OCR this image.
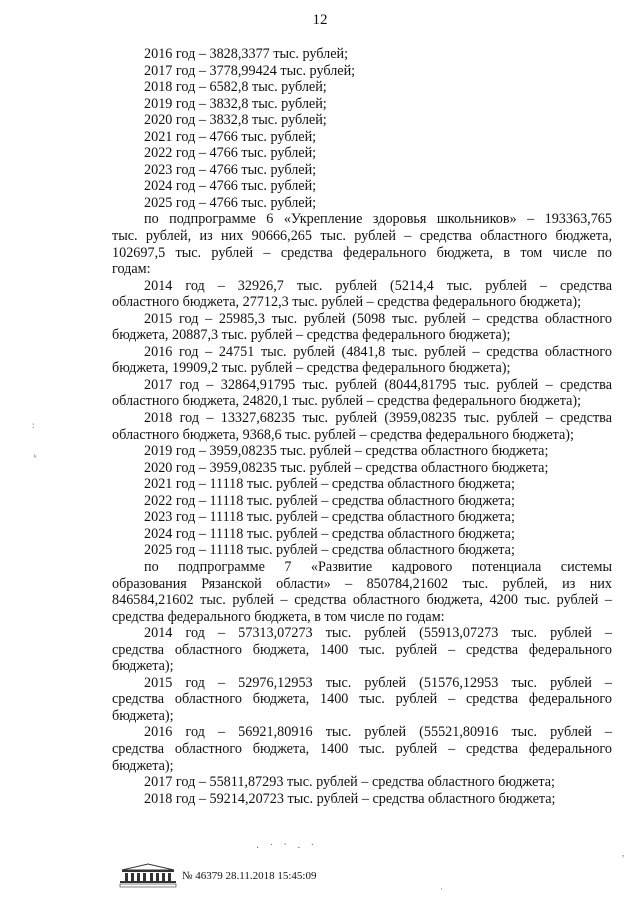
12
2016 год – 3828,3377 тыс. рублей;
2017 год – 3778,99424 тыс. рублей;
2018 год – 6582,8 тыс. рублей;
2019 год – 3832,8 тыс. рублей;
2020 год – 3832,8 тыс. рублей;
2021 год – 4766 тыс. рублей;
2022 год – 4766 тыс. рублей;
2023 год – 4766 тыс. рублей;
2024 год – 4766 тыс. рублей;
2025 год – 4766 тыс. рублей;
по подпрограмме 6 «Укрепление здоровья школьников» – 193363,765
тыс. рублей, из них 90666,265 тыс. рублей – средства областного бюджета,
102697,5 тыс. рублей – средства федерального бюджета, в том числе по
годам:
2014 год – 32926,7 тыс. рублей (5214,4 тыс. рублей – средства
областного бюджета, 27712,3 тыс. рублей – средства федерального бюджета);
2015 год – 25985,3 тыс. рублей (5098 тыс. рублей – средства областного
бюджета, 20887,3 тыс. рублей – средства федерального бюджета);
2016 год – 24751 тыс. рублей (4841,8 тыс. рублей – средства областного
бюджета, 19909,2 тыс. рублей – средства федерального бюджета);
2017 год – 32864,91795 тыс. рублей (8044,81795 тыс. рублей – средства
областного бюджета, 24820,1 тыс. рублей – средства федерального бюджета);
2018 год – 13327,68235 тыс. рублей (3959,08235 тыс. рублей – средства
областного бюджета, 9368,6 тыс. рублей – средства федерального бюджета);
2019 год – 3959,08235 тыс. рублей – средства областного бюджета;
2020 год – 3959,08235 тыс. рублей – средства областного бюджета;
2021 год – 11118 тыс. рублей – средства областного бюджета;
2022 год – 11118 тыс. рублей – средства областного бюджета;
2023 год – 11118 тыс. рублей – средства областного бюджета;
2024 год – 11118 тыс. рублей – средства областного бюджета;
2025 год – 11118 тыс. рублей – средства областного бюджета;
по подпрограмме 7 «Развитие кадрового потенциала системы
образования Рязанской области» – 850784,21602 тыс. рублей, из них
846584,21602 тыс. рублей – средства областного бюджета, 4200 тыс. рублей –
средства федерального бюджета, в том числе по годам:
2014 год – 57313,07273 тыс. рублей (55913,07273 тыс. рублей –
средства областного бюджета, 1400 тыс. рублей – средства федерального
бюджета);
2015 год – 52976,12953 тыс. рублей (51576,12953 тыс. рублей –
средства областного бюджета, 1400 тыс. рублей – средства федерального
бюджета);
2016 год – 56921,80916 тыс. рублей (55521,80916 тыс. рублей –
средства областного бюджета, 1400 тыс. рублей – средства федерального
бюджета);
2017 год – 55811,87293 тыс. рублей – средства областного бюджета;
2018 год – 59214,20723 тыс. рублей – средства областного бюджета;
№ 46379 28.11.2018 15:45:09
· ˙ ` ⸱ ˙
:
ᵏ
,
·
